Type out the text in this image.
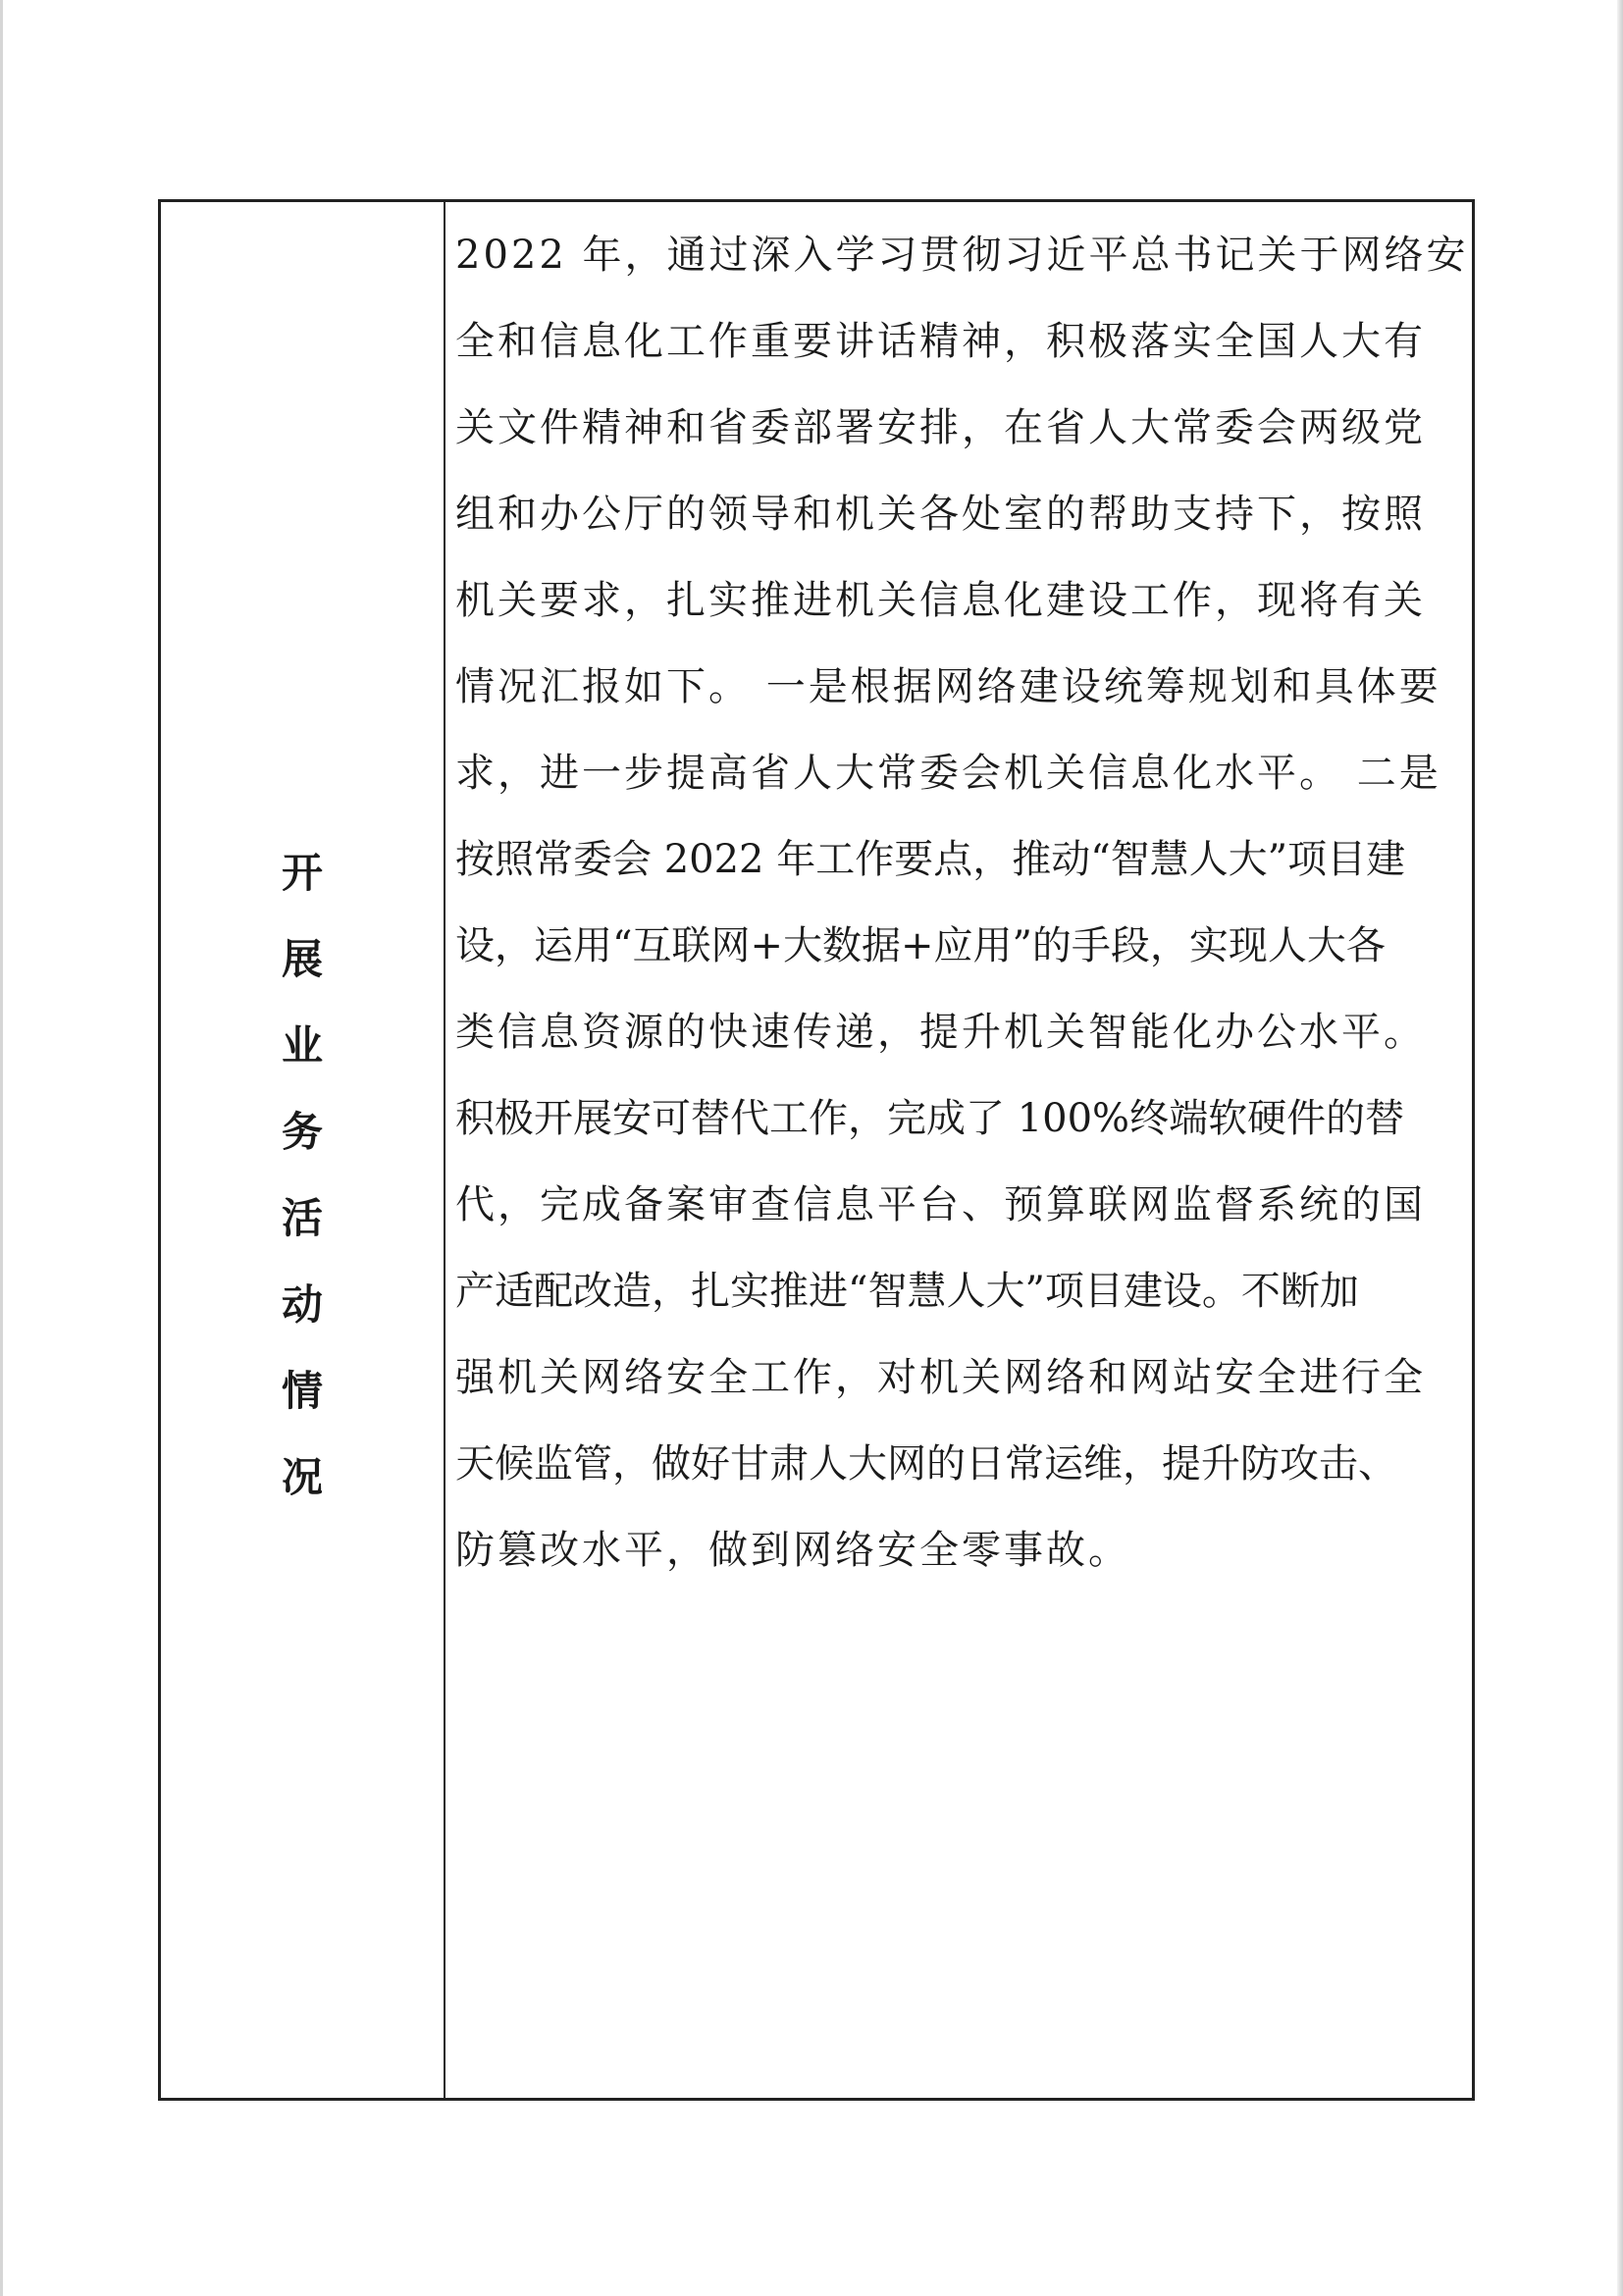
开
展
业
务
活
动
情
况
2022 年，通过深入学习贯彻习近平总书记关于网络安
全和信息化工作重要讲话精神，积极落实全国人大有
关文件精神和省委部署安排，在省人大常委会两级党
组和办公厅的领导和机关各处室的帮助支持下，按照
机关要求，扎实推进机关信息化建设工作，现将有关
情况汇报如下。 一是根据网络建设统筹规划和具体要
求，进一步提高省人大常委会机关信息化水平。 二是
按照常委会 2022 年工作要点，推动“智慧人大”项目建
设，运用“互联网+大数据+应用”的手段，实现人大各
类信息资源的快速传递，提升机关智能化办公水平。
积极开展安可替代工作，完成了 100%终端软硬件的替
代，完成备案审查信息平台、预算联网监督系统的国
产适配改造，扎实推进“智慧人大”项目建设。不断加
强机关网络安全工作，对机关网络和网站安全进行全
天候监管，做好甘肃人大网的日常运维，提升防攻击、
防篡改水平，做到网络安全零事故。
